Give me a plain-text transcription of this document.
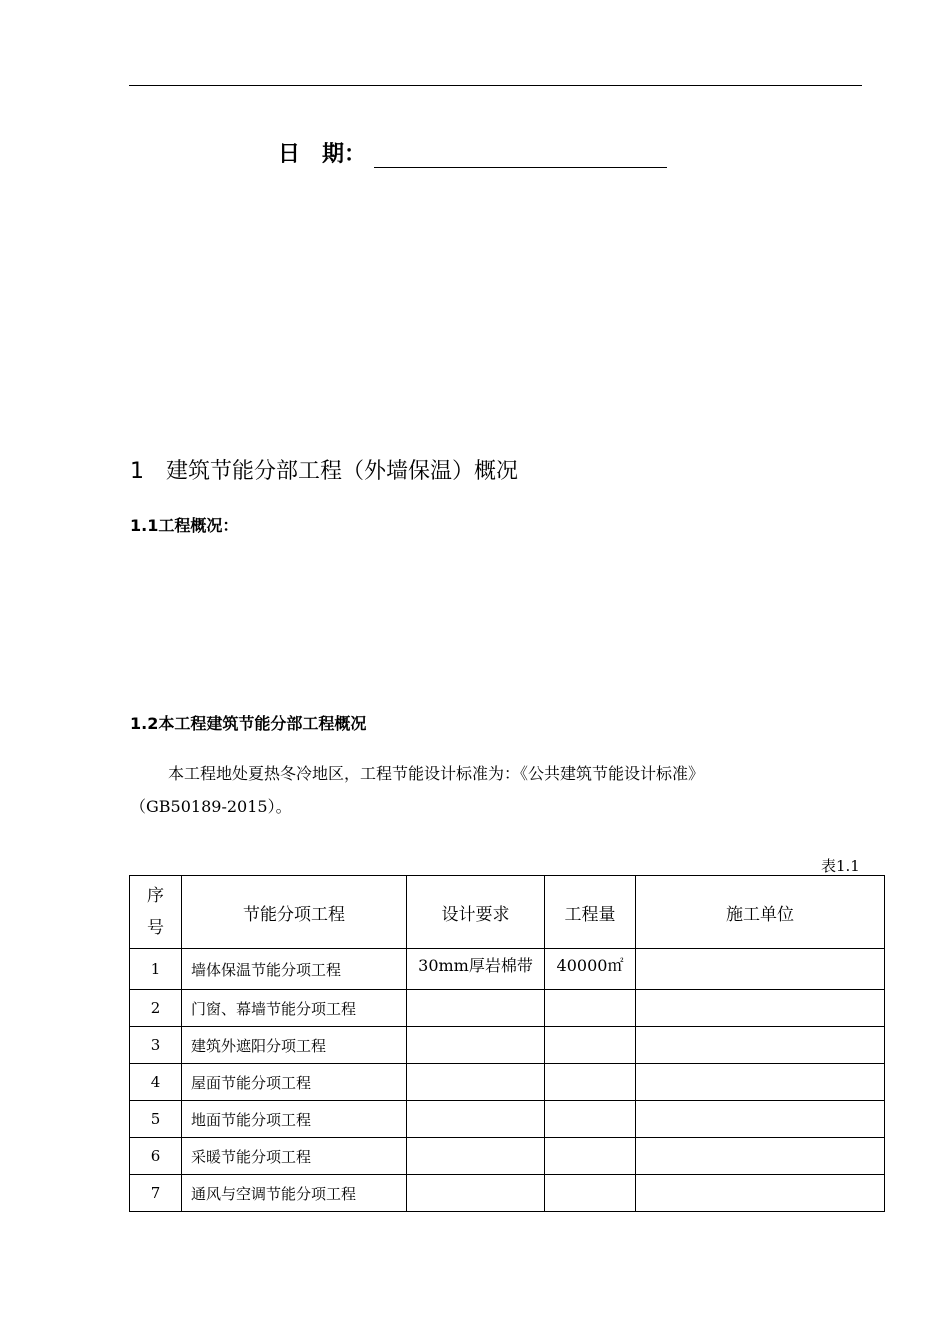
日　期：
1 建筑节能分部工程（外墙保温）概况
1.1工程概况：
1.2本工程建筑节能分部工程概况
本工程地处夏热冬冷地区，工程节能设计标准为：《公共建筑节能设计标准》
（GB50189-2015）。
表1.1
序
号	节能分项工程	设计要求	工程量	施工单位
1	墙体保温节能分项工程	30mm厚岩棉带	40000㎡	
2	门窗、幕墙节能分项工程			
3	建筑外遮阳分项工程			
4	屋面节能分项工程			
5	地面节能分项工程			
6	采暖节能分项工程			
7	通风与空调节能分项工程			
